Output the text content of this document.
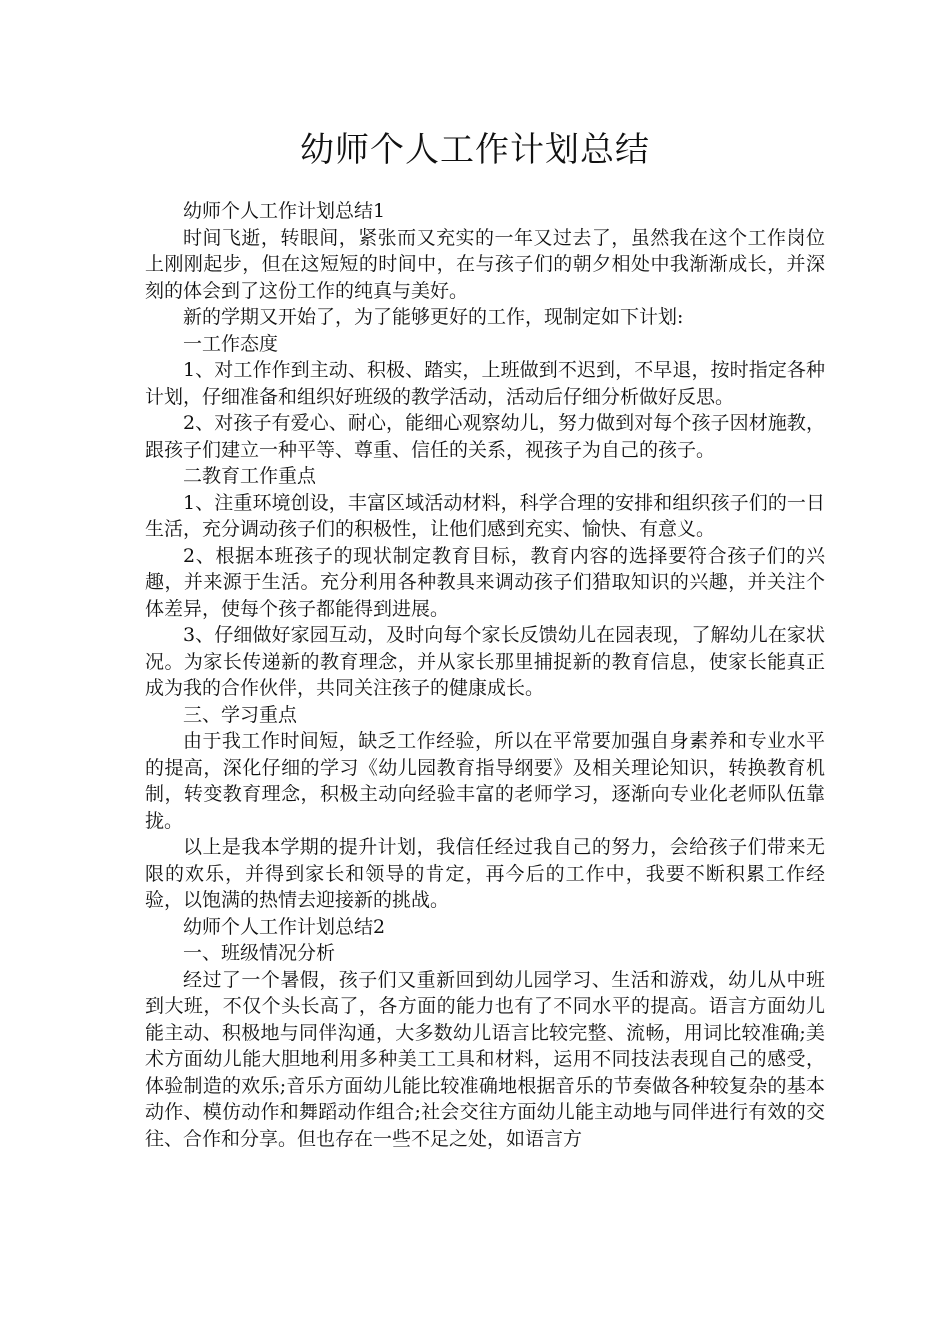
幼师个人工作计划总结

幼师个人工作计划总结1

时间飞逝，转眼间，紧张而又充实的一年又过去了，虽然我在这个工作岗位上刚刚起步，但在这短短的时间中，在与孩子们的朝夕相处中我渐渐成长，并深刻的体会到了这份工作的纯真与美好。

新的学期又开始了，为了能够更好的工作，现制定如下计划:

一工作态度

1、对工作作到主动、积极、踏实，上班做到不迟到，不早退，按时指定各种计划，仔细准备和组织好班级的教学活动，活动后仔细分析做好反思。

2、对孩子有爱心、耐心，能细心观察幼儿，努力做到对每个孩子因材施教，跟孩子们建立一种平等、尊重、信任的关系，视孩子为自己的孩子。

二教育工作重点

1、注重环境创设，丰富区域活动材料，科学合理的安排和组织孩子们的一日生活，充分调动孩子们的积极性，让他们感到充实、愉快、有意义。

2、根据本班孩子的现状制定教育目标，教育内容的选择要符合孩子们的兴趣，并来源于生活。充分利用各种教具来调动孩子们猎取知识的兴趣，并关注个体差异，使每个孩子都能得到进展。

3、仔细做好家园互动，及时向每个家长反馈幼儿在园表现，了解幼儿在家状况。为家长传递新的教育理念，并从家长那里捕捉新的教育信息，使家长能真正成为我的合作伙伴，共同关注孩子的健康成长。

三、学习重点

由于我工作时间短，缺乏工作经验，所以在平常要加强自身素养和专业水平的提高，深化仔细的学习《幼儿园教育指导纲要》及相关理论知识，转换教育机制，转变教育理念，积极主动向经验丰富的老师学习，逐渐向专业化老师队伍靠拢。

以上是我本学期的提升计划，我信任经过我自己的努力，会给孩子们带来无限的欢乐，并得到家长和领导的肯定，再今后的工作中，我要不断积累工作经验，以饱满的热情去迎接新的挑战。

幼师个人工作计划总结2

一、班级情况分析

经过了一个暑假，孩子们又重新回到幼儿园学习、生活和游戏，幼儿从中班到大班，不仅个头长高了，各方面的能力也有了不同水平的提高。语言方面幼儿能主动、积极地与同伴沟通，大多数幼儿语言比较完整、流畅，用词比较准确;美术方面幼儿能大胆地利用多种美工工具和材料，运用不同技法表现自己的感受，体验制造的欢乐;音乐方面幼儿能比较准确地根据音乐的节奏做各种较复杂的基本动作、模仿动作和舞蹈动作组合;社会交往方面幼儿能主动地与同伴进行有效的交往、合作和分享。但也存在一些不足之处，如语言方
